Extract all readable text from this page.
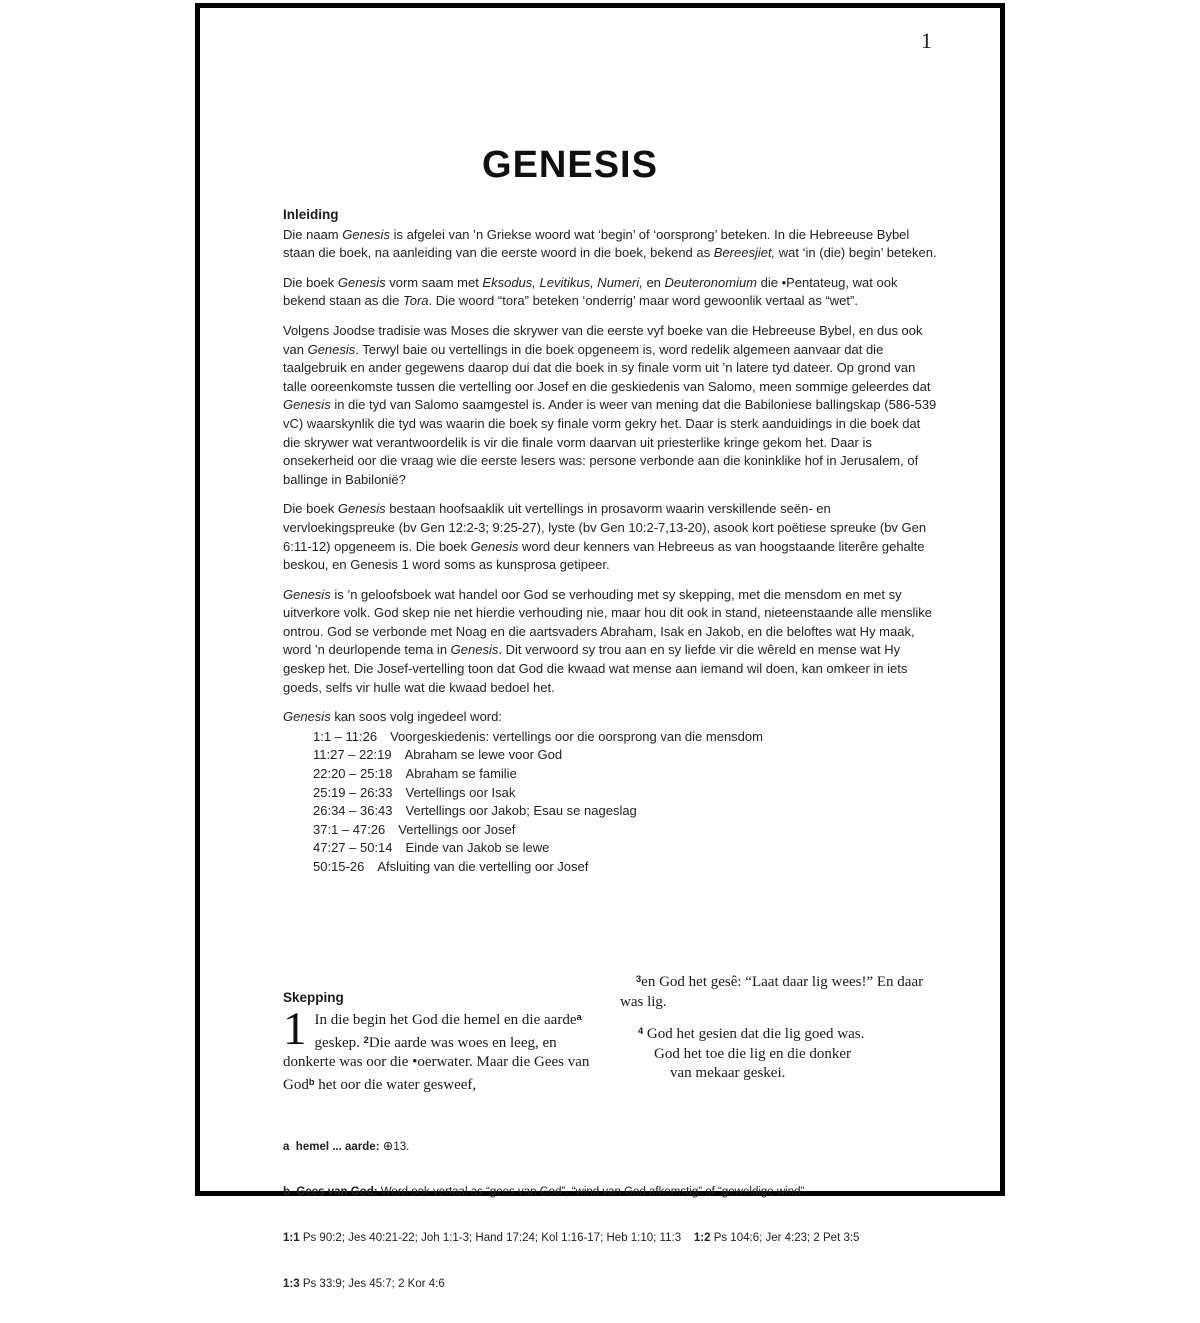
1
GENESIS
Inleiding

Die naam Genesis is afgelei van ’n Griekse woord wat ‘begin’ of ‘oorsprong’ beteken. In die Hebreeuse Bybel staan die boek, na aanleiding van die eerste woord in die boek, bekend as Bereesjiet, wat ‘in (die) begin’ beteken.

Die boek Genesis vorm saam met Eksodus, Levitikus, Numeri, en Deuteronomium die •Pentateug, wat ook bekend staan as die Tora. Die woord “tora” beteken ‘onderrig’ maar word gewoonlik vertaal as “wet”.

Volgens Joodse tradisie was Moses die skrywer van die eerste vyf boeke van die Hebreeuse Bybel, en dus ook van Genesis. Terwyl baie ou vertellings in die boek opgeneem is, word redelik algemeen aanvaar dat die taalgebruik en ander gegewens daarop dui dat die boek in sy finale vorm uit ’n latere tyd dateer. Op grond van talle ooreenkomste tussen die vertelling oor Josef en die geskiedenis van Salomo, meen sommige geleerdes dat Genesis in die tyd van Salomo saamgestel is. Ander is weer van mening dat die Babiloniese ballingskap (586-539 vC) waarskynlik die tyd was waarin die boek sy finale vorm gekry het. Daar is sterk aanduidings in die boek dat die skrywer wat verantwoordelik is vir die finale vorm daarvan uit priesterlike kringe gekom het. Daar is onsekerheid oor die vraag wie die eerste lesers was: persone verbonde aan die koninklike hof in Jerusalem, of ballinge in Babilonië?

Die boek Genesis bestaan hoofsaaklik uit vertellings in prosavorm waarin verskillende seën- en vervloekingspreuke (bv Gen 12:2-3; 9:25-27), lyste (bv Gen 10:2-7,13-20), asook kort poëtiese spreuke (bv Gen 6:11-12) opgeneem is. Die boek Genesis word deur kenners van Hebreeus as van hoogstaande literêre gehalte beskou, en Genesis 1 word soms as kunsprosa getipeer.

Genesis is ’n geloofsboek wat handel oor God se verhouding met sy skepping, met die mensdom en met sy uitverkore volk. God skep nie net hierdie verhouding nie, maar hou dit ook in stand, nieteenstaande alle menslike ontrou. God se verbonde met Noag en die aartsvaders Abraham, Isak en Jakob, en die beloftes wat Hy maak, word ’n deurlopende tema in Genesis. Dit verwoord sy trou aan en sy liefde vir die wêreld en mense wat Hy geskep het. Die Josef-vertelling toon dat God die kwaad wat mense aan iemand wil doen, kan omkeer in iets goeds, selfs vir hulle wat die kwaad bedoel het.

Genesis kan soos volg ingedeel word:

1:1 – 11:26 Voorgeskiedenis: vertellings oor die oorsprong van die mensdom
11:27 – 22:19 Abraham se lewe voor God
22:20 – 25:18 Abraham se familie
25:19 – 26:33 Vertellings oor Isak
26:34 – 36:43 Vertellings oor Jakob; Esau se nageslag
37:1 – 47:26 Vertellings oor Josef
47:27 – 50:14 Einde van Jakob se lewe
50:15-26 Afsluiting van die vertelling oor Josef
Skepping
1 In die begin het God die hemel en die aarde$^a$ geskep. $^2$Die aarde was woes en leeg, en donkerte was oor die •oerwater. Maar die Gees van God$^b$ het oor die water gesweef,

$^3$en God het gesê: “Laat daar lig wees!” En daar was lig.

$^4$ God het gesien dat die lig goed was.
God het toe die lig en die donker
van mekaar geskei.

a hemel ... aarde: ⊕13.

b Gees van God: Word ook vertaal as “gees van God”, “wind van God afkomstig” of “geweldige wind”.

1:1 Ps 90:2; Jes 40:21-22; Joh 1:1-3; Hand 17:24; Kol 1:16-17; Heb 1:10; 11:3    1:2 Ps 104:6; Jer 4:23; 2 Pet 3:5

1:3 Ps 33:9; Jes 45:7; 2 Kor 4:6
